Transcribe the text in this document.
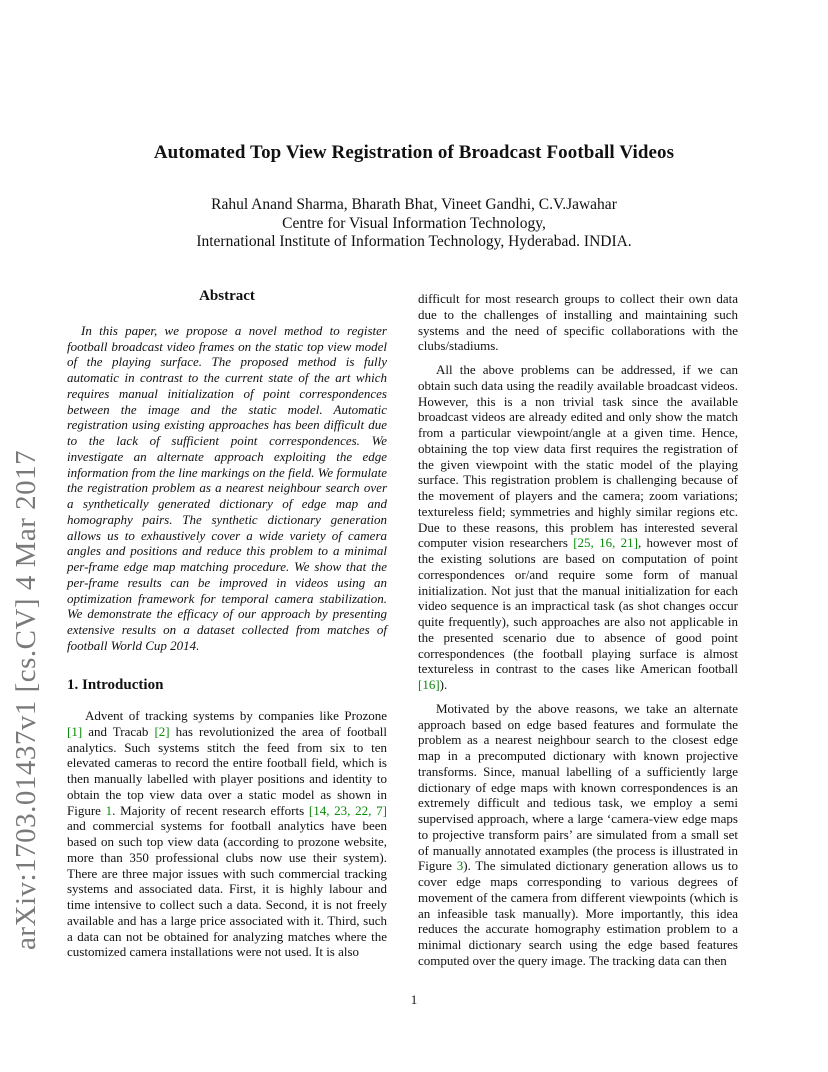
Automated Top View Registration of Broadcast Football Videos
Rahul Anand Sharma, Bharath Bhat, Vineet Gandhi, C.V.Jawahar
Centre for Visual Information Technology,
International Institute of Information Technology, Hyderabad. INDIA.
arXiv:1703.01437v1 [cs.CV] 4 Mar 2017
Abstract

In this paper, we propose a novel method to register football broadcast video frames on the static top view model of the playing surface. The proposed method is fully automatic in contrast to the current state of the art which requires manual initialization of point correspondences between the image and the static model. Automatic registration using existing approaches has been difficult due to the lack of sufficient point correspondences. We investigate an alternate approach exploiting the edge information from the line markings on the field. We formulate the registration problem as a nearest neighbour search over a synthetically generated dictionary of edge map and homography pairs. The synthetic dictionary generation allows us to exhaustively cover a wide variety of camera angles and positions and reduce this problem to a minimal per-frame edge map matching procedure. We show that the per-frame results can be improved in videos using an optimization framework for temporal camera stabilization. We demonstrate the efficacy of our approach by presenting extensive results on a dataset collected from matches of football World Cup 2014.

1. Introduction

Advent of tracking systems by companies like Prozone [1] and Tracab [2] has revolutionized the area of football analytics. Such systems stitch the feed from six to ten elevated cameras to record the entire football field, which is then manually labelled with player positions and identity to obtain the top view data over a static model as shown in Figure 1. Majority of recent research efforts [14, 23, 22, 7] and commercial systems for football analytics have been based on such top view data (according to prozone website, more than 350 professional clubs now use their system). There are three major issues with such commercial tracking systems and associated data. First, it is highly labour and time intensive to collect such a data. Second, it is not freely available and has a large price associated with it. Third, such a data can not be obtained for analyzing matches where the customized camera installations were not used. It is also

difficult for most research groups to collect their own data due to the challenges of installing and maintaining such systems and the need of specific collaborations with the clubs/stadiums.

All the above problems can be addressed, if we can obtain such data using the readily available broadcast videos. However, this is a non trivial task since the available broadcast videos are already edited and only show the match from a particular viewpoint/angle at a given time. Hence, obtaining the top view data first requires the registration of the given viewpoint with the static model of the playing surface. This registration problem is challenging because of the movement of players and the camera; zoom variations; textureless field; symmetries and highly similar regions etc. Due to these reasons, this problem has interested several computer vision researchers [25, 16, 21], however most of the existing solutions are based on computation of point correspondences or/and require some form of manual initialization. Not just that the manual initialization for each video sequence is an impractical task (as shot changes occur quite frequently), such approaches are also not applicable in the presented scenario due to absence of good point correspondences (the football playing surface is almost textureless in contrast to the cases like American football [16]).

Motivated by the above reasons, we take an alternate approach based on edge based features and formulate the problem as a nearest neighbour search to the closest edge map in a precomputed dictionary with known projective transforms. Since, manual labelling of a sufficiently large dictionary of edge maps with known correspondences is an extremely difficult and tedious task, we employ a semi supervised approach, where a large ‘camera-view edge maps to projective transform pairs’ are simulated from a small set of manually annotated examples (the process is illustrated in Figure 3). The simulated dictionary generation allows us to cover edge maps corresponding to various degrees of movement of the camera from different viewpoints (which is an infeasible task manually). More importantly, this idea reduces the accurate homography estimation problem to a minimal dictionary search using the edge based features computed over the query image. The tracking data can then

1
